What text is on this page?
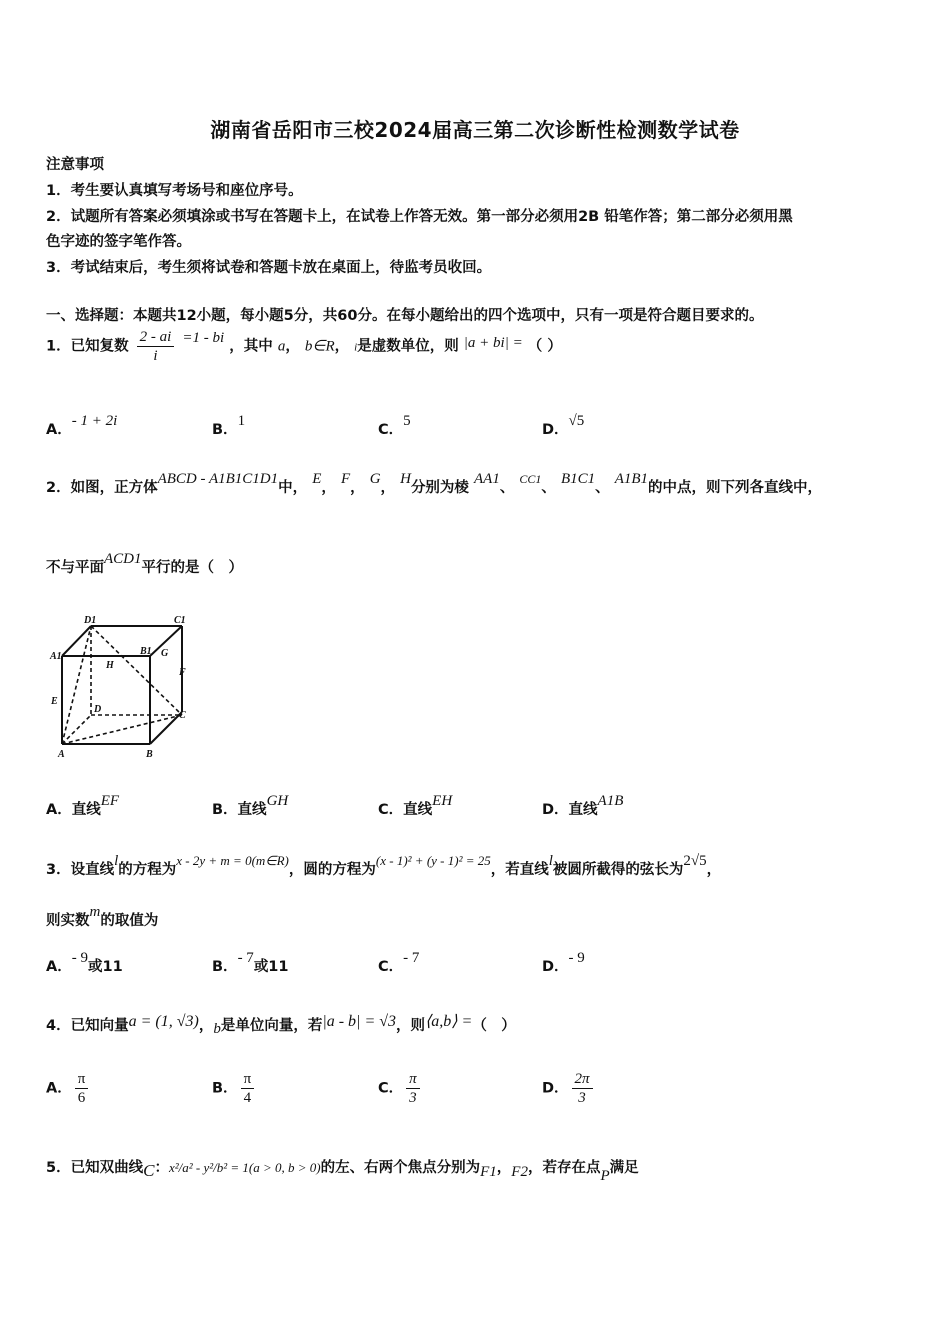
湖南省岳阳市三校2024届高三第二次诊断性检测数学试卷
注意事项
1．考生要认真填写考场号和座位序号。
2．试题所有答案必须填涂或书写在答题卡上，在试卷上作答无效。第一部分必须用2B 铅笔作答；第二部分必须用黑
色字迹的签字笔作答。
3．考试结束后，考生须将试卷和答题卡放在桌面上，待监考员收回。
一、选择题：本题共12小题，每小题5分，共60分。在每小题给出的四个选项中，只有一项是符合题目要求的。
1．已知复数 $\frac{2 - ai}{i} =1$ - bi ，其中 a， b∈R， i是虚数单位，则 |a + bi| = （ ）
A．- 1 + 2i
B．1
C．5
D．√5
2．如图，正方体ABCD - A1B1C1D1中， E， F， G， H分别为棱 AA1、 $^{CC1}$、 B1C1、 A1B1的中点，则下列各直线中，
不与平面ACD1平行的是（　）
D1	C1
A1	B1 G
H
F
E
D
C
A	B
A．直线EF
B．直线GH
C．直线EH
D．直线A1B
3．设直线l的方程为x - 2y + m = 0(m∈R)，圆的方程为(x - 1)² + (y - 1)² = 25，若直线l被圆所截得的弦长为2√5，
则实数m的取值为
A．- 9或11	B．- 7或11	C．- 7
D．- 9
4．已知向量a = (1, √3)，b是单位向量，若|a - b| = √3，则⟨a,b⟩ =（　）
A． $\frac{\pi}{6}$	B． $\frac{\pi}{4}$	C． $\frac{\pi}{3}$	D． $\frac{2\pi}{3}$
5．已知双曲线C：x²/a² - y²/b² = 1(a > 0, b > 0)的左、右两个焦点分别为F1，F2，若存在点P满足
